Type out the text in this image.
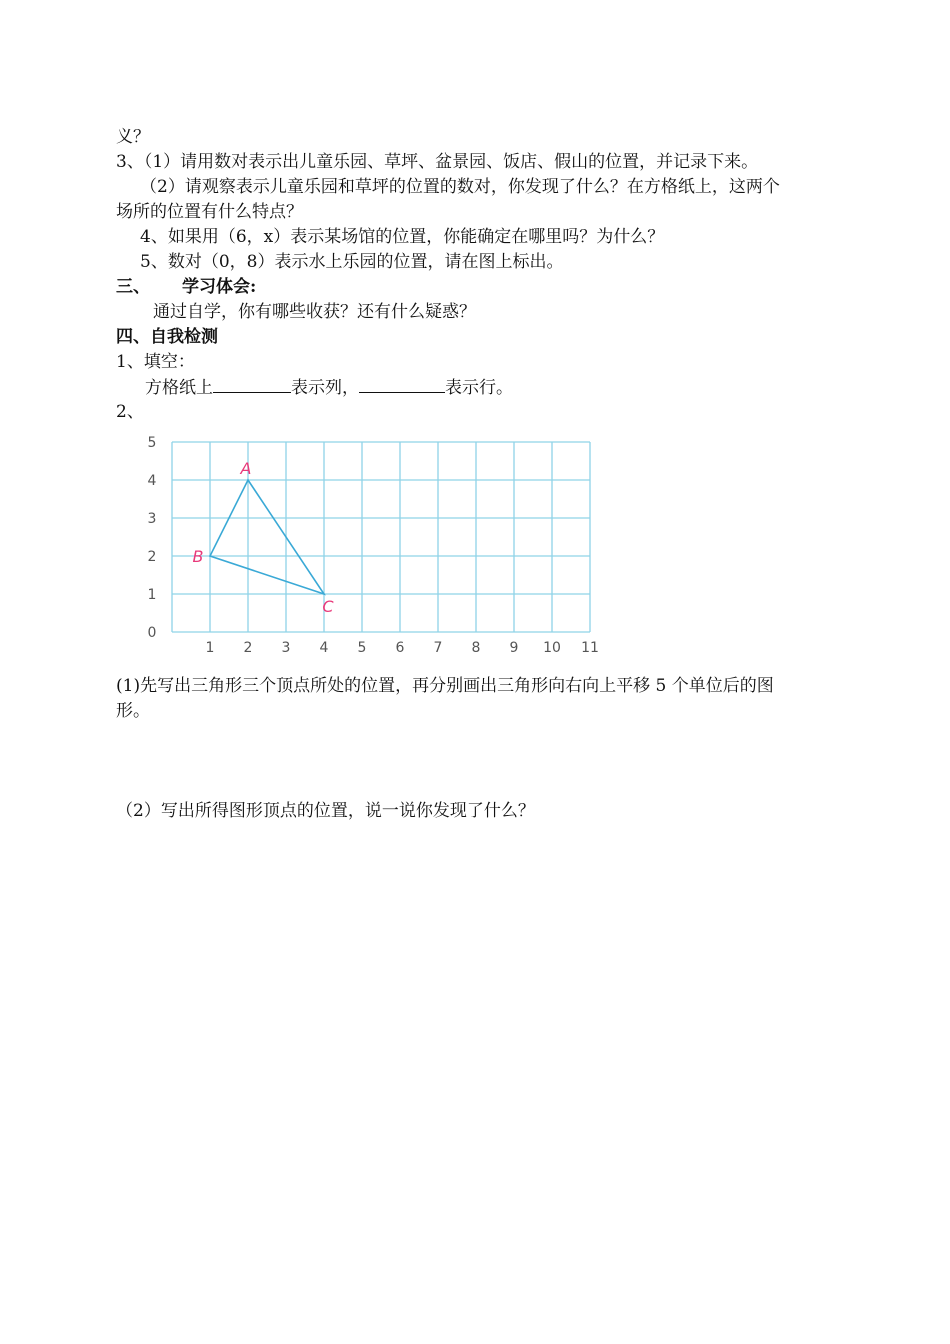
义？
3、（1）请用数对表示出儿童乐园、草坪、盆景园、饭店、假山的位置，并记录下来。
（2）请观察表示儿童乐园和草坪的位置的数对，你发现了什么？在方格纸上，这两个
场所的位置有什么特点？
4、如果用（6，x）表示某场馆的位置，你能确定在哪里吗？为什么？
5、数对（0，8）表示水上乐园的位置，请在图上标出。
三、 学习体会:
通过自学，你有哪些收获？还有什么疑惑？
四、自我检测
1、填空：
方格纸上	表示列，	表示行。
2、
1 2 3 4 5 6 7 8 9 10 11
0
1
2
3
4
5
A
B
C
(1)先写出三角形三个顶点所处的位置，再分别画出三角形向右向上平移 5 个单位后的图
形。
（2）写出所得图形顶点的位置，说一说你发现了什么？
